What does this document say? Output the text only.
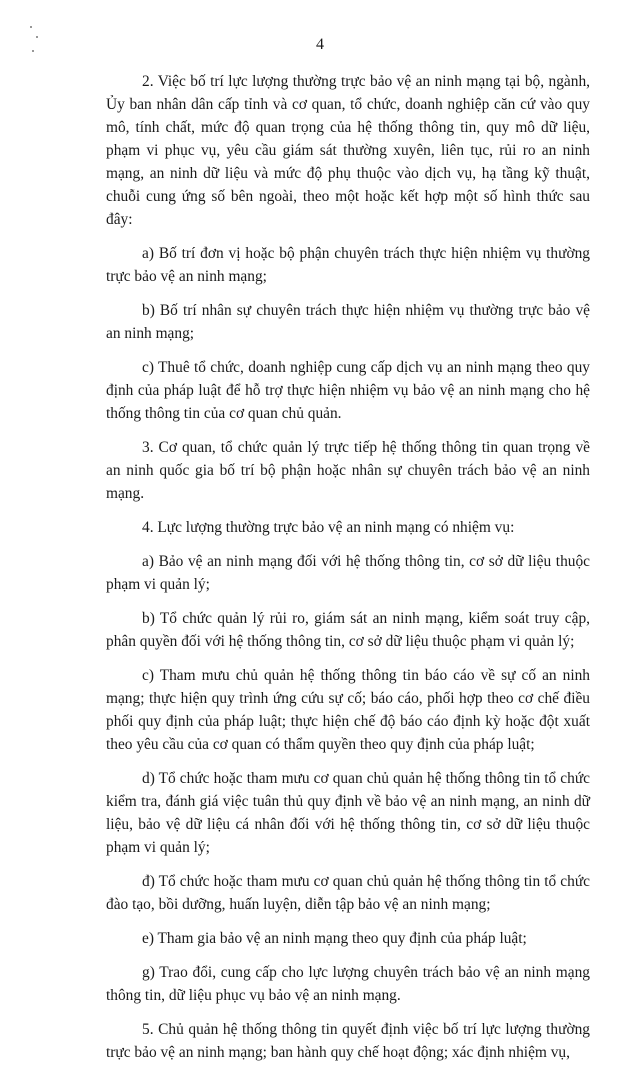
4

2. Việc bố trí lực lượng thường trực bảo vệ an ninh mạng tại bộ, ngành, Ủy ban nhân dân cấp tỉnh và cơ quan, tổ chức, doanh nghiệp căn cứ vào quy mô, tính chất, mức độ quan trọng của hệ thống thông tin, quy mô dữ liệu, phạm vi phục vụ, yêu cầu giám sát thường xuyên, liên tục, rủi ro an ninh mạng, an ninh dữ liệu và mức độ phụ thuộc vào dịch vụ, hạ tầng kỹ thuật, chuỗi cung ứng số bên ngoài, theo một hoặc kết hợp một số hình thức sau đây:

a) Bố trí đơn vị hoặc bộ phận chuyên trách thực hiện nhiệm vụ thường trực bảo vệ an ninh mạng;

b) Bố trí nhân sự chuyên trách thực hiện nhiệm vụ thường trực bảo vệ an ninh mạng;

c) Thuê tổ chức, doanh nghiệp cung cấp dịch vụ an ninh mạng theo quy định của pháp luật để hỗ trợ thực hiện nhiệm vụ bảo vệ an ninh mạng cho hệ thống thông tin của cơ quan chủ quản.

3. Cơ quan, tổ chức quản lý trực tiếp hệ thống thông tin quan trọng về an ninh quốc gia bố trí bộ phận hoặc nhân sự chuyên trách bảo vệ an ninh mạng.

4. Lực lượng thường trực bảo vệ an ninh mạng có nhiệm vụ:

a) Bảo vệ an ninh mạng đối với hệ thống thông tin, cơ sở dữ liệu thuộc phạm vi quản lý;

b) Tổ chức quản lý rủi ro, giám sát an ninh mạng, kiểm soát truy cập, phân quyền đối với hệ thống thông tin, cơ sở dữ liệu thuộc phạm vi quản lý;

c) Tham mưu chủ quản hệ thống thông tin báo cáo về sự cố an ninh mạng; thực hiện quy trình ứng cứu sự cố; báo cáo, phối hợp theo cơ chế điều phối quy định của pháp luật; thực hiện chế độ báo cáo định kỳ hoặc đột xuất theo yêu cầu của cơ quan có thẩm quyền theo quy định của pháp luật;

d) Tổ chức hoặc tham mưu cơ quan chủ quản hệ thống thông tin tổ chức kiểm tra, đánh giá việc tuân thủ quy định về bảo vệ an ninh mạng, an ninh dữ liệu, bảo vệ dữ liệu cá nhân đối với hệ thống thông tin, cơ sở dữ liệu thuộc phạm vi quản lý;

đ) Tổ chức hoặc tham mưu cơ quan chủ quản hệ thống thông tin tổ chức đào tạo, bồi dưỡng, huấn luyện, diễn tập bảo vệ an ninh mạng;

e) Tham gia bảo vệ an ninh mạng theo quy định của pháp luật;

g) Trao đổi, cung cấp cho lực lượng chuyên trách bảo vệ an ninh mạng thông tin, dữ liệu phục vụ bảo vệ an ninh mạng.

5. Chủ quản hệ thống thông tin quyết định việc bố trí lực lượng thường trực bảo vệ an ninh mạng; ban hành quy chế hoạt động; xác định nhiệm vụ,
